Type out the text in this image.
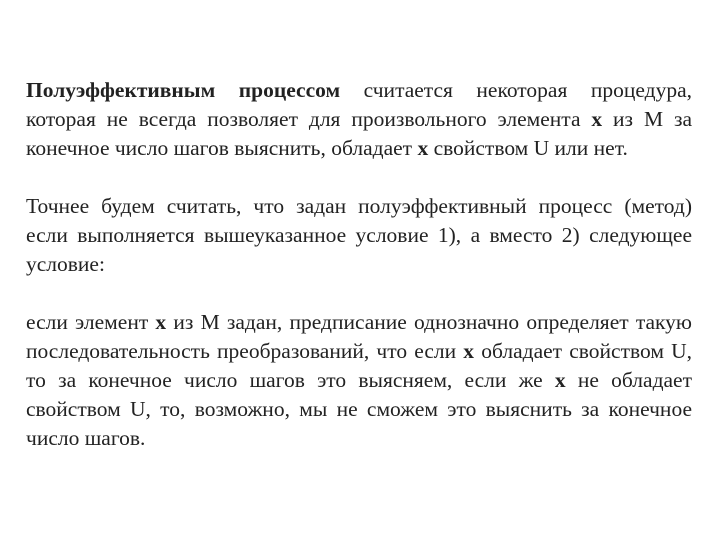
Полуэффективным процессом считается некоторая процедура, которая не всегда позволяет для произвольного элемента x из M за конечное число шагов выяснить, обладает x свойством U или нет.

Точнее будем считать, что задан полуэффективный процесс (метод) если выполняется вышеуказанное условие 1), а вместо 2) следующее условие:

если элемент x из M задан, предписание однозначно определяет такую последовательность преобразований, что если x обладает свойством U, то за конечное число шагов это выясняем, если же x не обладает свойством U, то, возможно, мы не сможем это выяснить за конечное число шагов.
